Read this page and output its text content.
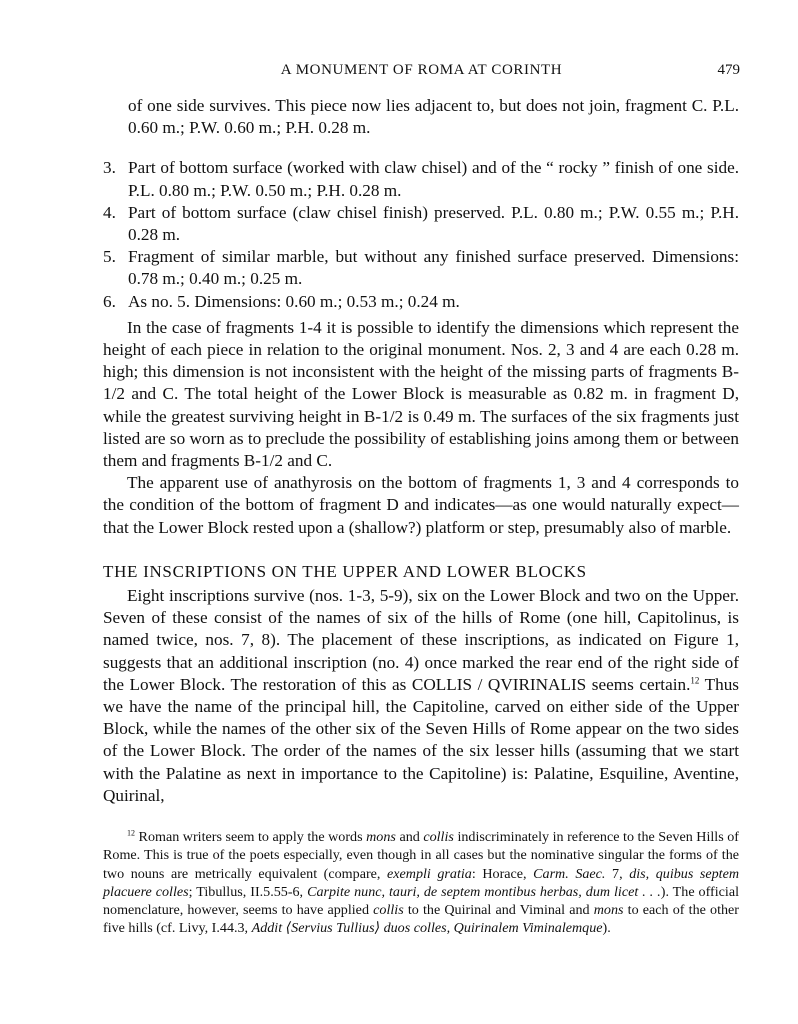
A MONUMENT OF ROMA AT CORINTH	479

of one side survives. This piece now lies adjacent to, but does not join, fragment C. P.L. 0.60 m.; P.W. 0.60 m.; P.H. 0.28 m.

3. Part of bottom surface (worked with claw chisel) and of the “ rocky ” finish of one side. P.L. 0.80 m.; P.W. 0.50 m.; P.H. 0.28 m.
4. Part of bottom surface (claw chisel finish) preserved. P.L. 0.80 m.; P.W. 0.55 m.; P.H. 0.28 m.
5. Fragment of similar marble, but without any finished surface preserved. Dimensions: 0.78 m.; 0.40 m.; 0.25 m.
6. As no. 5. Dimensions: 0.60 m.; 0.53 m.; 0.24 m.

In the case of fragments 1-4 it is possible to identify the dimensions which represent the height of each piece in relation to the original monument. Nos. 2, 3 and 4 are each 0.28 m. high; this dimension is not inconsistent with the height of the missing parts of fragments B-1/2 and C. The total height of the Lower Block is measurable as 0.82 m. in fragment D, while the greatest surviving height in B-1/2 is 0.49 m. The surfaces of the six fragments just listed are so worn as to preclude the possibility of establishing joins among them or between them and fragments B-1/2 and C.

The apparent use of anathyrosis on the bottom of fragments 1, 3 and 4 corresponds to the condition of the bottom of fragment D and indicates—as one would naturally expect—that the Lower Block rested upon a (shallow?) platform or step, presumably also of marble.

THE INSCRIPTIONS ON THE UPPER AND LOWER BLOCKS

Eight inscriptions survive (nos. 1-3, 5-9), six on the Lower Block and two on the Upper. Seven of these consist of the names of six of the hills of Rome (one hill, Capitolinus, is named twice, nos. 7, 8). The placement of these inscriptions, as indicated on Figure 1, suggests that an additional inscription (no. 4) once marked the rear end of the right side of the Lower Block. The restoration of this as COLLIS / QVIRINALIS seems certain.$^{12}$ Thus we have the name of the principal hill, the Capitoline, carved on either side of the Upper Block, while the names of the other six of the Seven Hills of Rome appear on the two sides of the Lower Block. The order of the names of the six lesser hills (assuming that we start with the Palatine as next in importance to the Capitoline) is: Palatine, Esquiline, Aventine, Quirinal,

$^{12}$ Roman writers seem to apply the words mons and collis indiscriminately in reference to the Seven Hills of Rome. This is true of the poets especially, even though in all cases but the nominative singular the forms of the two nouns are metrically equivalent (compare, exempli gratia: Horace, Carm. Saec. 7, dis, quibus septem placuere colles; Tibullus, II.5.55-6, Carpite nunc, tauri, de septem montibus herbas, dum licet . . .). The official nomenclature, however, seems to have applied collis to the Quirinal and Viminal and mons to each of the other five hills (cf. Livy, I.44.3, Addit ⟨Servius Tullius⟩ duos colles, Quirinalem Viminalemque).
